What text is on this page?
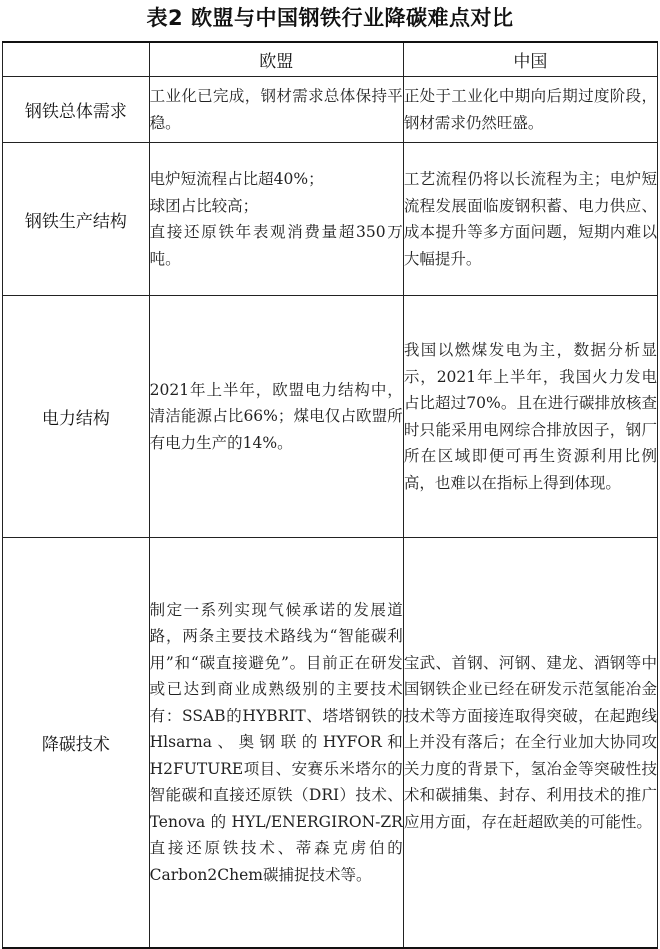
表2 欧盟与中国钢铁行业降碳难点对比
	欧盟	中国
钢铁总体需求	工业化已完成，钢材需求总体保持平稳。	正处于工业化中期向后期过度阶段，钢材需求仍然旺盛。

钢铁生产结构	电炉短流程占比超40%；
球团占比较高；
直接还原铁年表观消费量超350万吨。	工艺流程仍将以长流程为主；电炉短流程发展面临废钢积蓄、电力供应、成本提升等多方面问题，短期内难以大幅提升。

电力结构	2021年上半年，欧盟电力结构中，清洁能源占比66%；煤电仅占欧盟所有电力生产的14%。	我国以燃煤发电为主，数据分析显示，2021年上半年，我国火力发电占比超过70%。且在进行碳排放核查时只能采用电网综合排放因子，钢厂所在区域即便可再生资源利用比例高，也难以在指标上得到体现。

降碳技术	制定一系列实现气候承诺的发展道路，两条主要技术路线为“智能碳利用”和“碳直接避免”。目前正在研发或已达到商业成熟级别的主要技术有：SSAB的HYBRIT、塔塔钢铁的Hlsarna、奥钢联的HYFOR和H2FUTURE项目、安赛乐米塔尔的智能碳和直接还原铁（DRI）技术、Tenova的HYL/ENERGIRON-ZR直接还原铁技术、蒂森克虏伯的Carbon2Chem碳捕捉技术等。	宝武、首钢、河钢、建龙、酒钢等中国钢铁企业已经在研发示范氢能冶金技术等方面接连取得突破，在起跑线上并没有落后；在全行业加大协同攻关力度的背景下，氢冶金等突破性技术和碳捕集、封存、利用技术的推广应用方面，存在赶超欧美的可能性。
